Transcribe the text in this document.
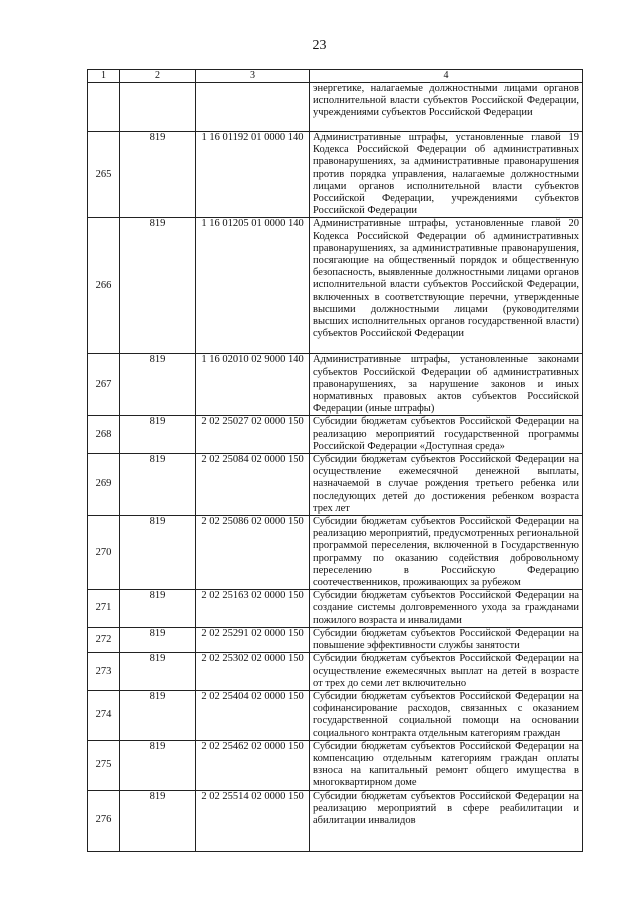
23
1	2	3	4
			энергетике, налагаемые должностными лицами органов исполнительной власти субъектов Российской Федерации, учреждениями субъектов Российской Федерации
265	819	1 16 01192 01 0000 140	Административные штрафы, установленные главой 19 Кодекса Российской Федерации об административных правонарушениях, за административные правонарушения против порядка управления, налагаемые должностными лицами органов исполнительной власти субъектов Российской Федерации, учреждениями субъектов Российской Федерации
266	819	1 16 01205 01 0000 140	Административные штрафы, установленные главой 20 Кодекса Российской Федерации об административных правонарушениях, за административные правонарушения, посягающие на общественный порядок и общественную безопасность, выявленные должностными лицами органов исполнительной власти субъектов Российской Федерации, включенных в соответствующие перечни, утвержденные высшими должностными лицами (руководителями высших исполнительных органов государственной власти) субъектов Российской Федерации
267	819	1 16 02010 02 9000 140	Административные штрафы, установленные законами субъектов Российской Федерации об административных правонарушениях, за нарушение законов и иных нормативных правовых актов субъектов Российской Федерации (иные штрафы)
268	819	2 02 25027 02 0000 150	Субсидии бюджетам субъектов Российской Федерации на реализацию мероприятий государственной программы Российской Федерации «Доступная среда»
269	819	2 02 25084 02 0000 150	Субсидии бюджетам субъектов Российской Федерации на осуществление ежемесячной денежной выплаты, назначаемой в случае рождения третьего ребенка или последующих детей до достижения ребенком возраста трех лет
270	819	2 02 25086 02 0000 150	Субсидии бюджетам субъектов Российской Федерации на реализацию мероприятий, предусмотренных региональной программой переселения, включенной в Государственную программу по оказанию содействия добровольному переселению в Российскую Федерацию соотечественников, проживающих за рубежом
271	819	2 02 25163 02 0000 150	Субсидии бюджетам субъектов Российской Федерации на создание системы долговременного ухода за гражданами пожилого возраста и инвалидами
272	819	2 02 25291 02 0000 150	Субсидии бюджетам субъектов Российской Федерации на повышение эффективности службы занятости
273	819	2 02 25302 02 0000 150	Субсидии бюджетам субъектов Российской Федерации на осуществление ежемесячных выплат на детей в возрасте от трех до семи лет включительно
274	819	2 02 25404 02 0000 150	Субсидии бюджетам субъектов Российской Федерации на софинансирование расходов, связанных с оказанием государственной социальной помощи на основании социального контракта отдельным категориям граждан
275	819	2 02 25462 02 0000 150	Субсидии бюджетам субъектов Российской Федерации на компенсацию отдельным категориям граждан оплаты взноса на капитальный ремонт общего имущества в многоквартирном доме
276	819	2 02 25514 02 0000 150	Субсидии бюджетам субъектов Российской Федерации на реализацию мероприятий в сфере реабилитации и абилитации инвалидов
